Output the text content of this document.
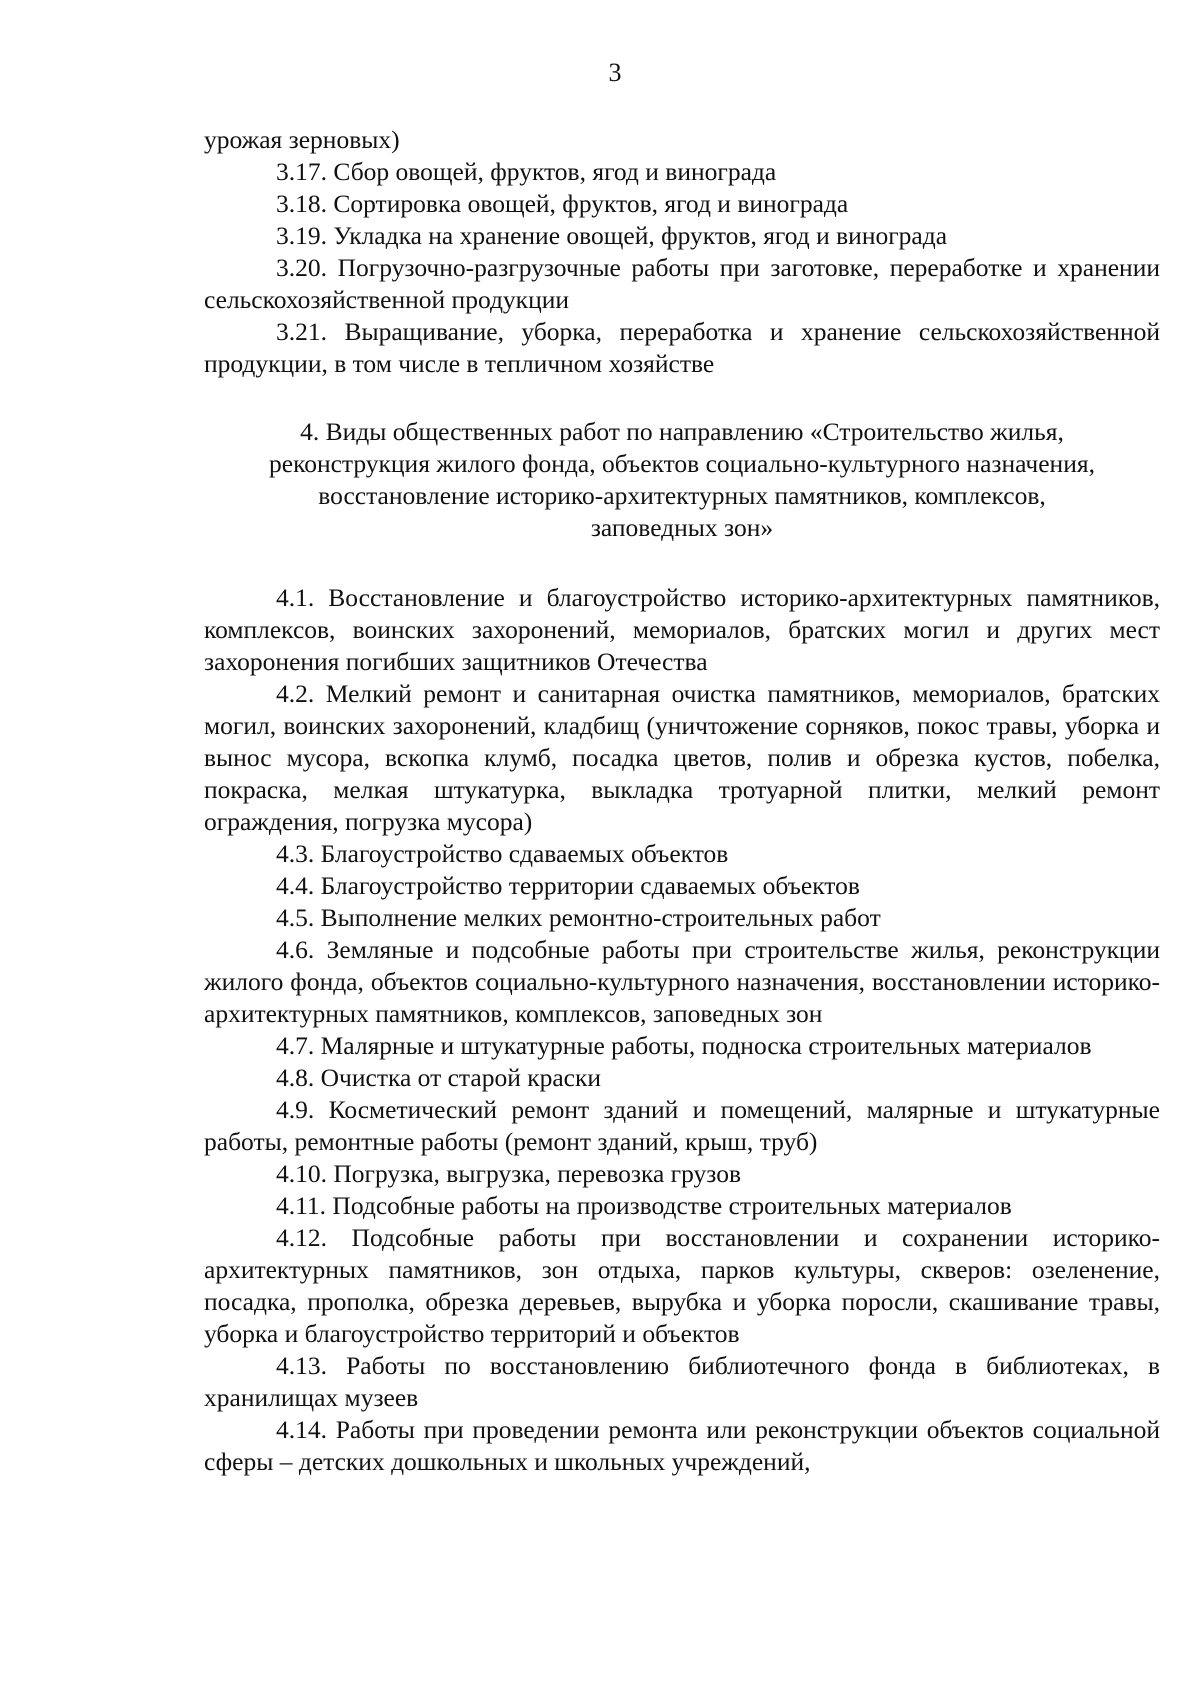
3

урожая зерновых)

3.17. Сбор овощей, фруктов, ягод и винограда

3.18. Сортировка овощей, фруктов, ягод и винограда

3.19. Укладка на хранение овощей, фруктов, ягод и винограда

3.20. Погрузочно-разгрузочные работы при заготовке, переработке и хранении сельскохозяйственной продукции

3.21. Выращивание, уборка, переработка и хранение сельскохозяйственной продукции, в том числе в тепличном хозяйстве

4. Виды общественных работ по направлению «Строительство жилья,
реконструкция жилого фонда, объектов социально-культурного назначения,
восстановление историко-архитектурных памятников, комплексов,
заповедных зон»

4.1. Восстановление и благоустройство историко-архитектурных памятников, комплексов, воинских захоронений, мемориалов, братских могил и других мест захоронения погибших защитников Отечества

4.2. Мелкий ремонт и санитарная очистка памятников, мемориалов, братских могил, воинских захоронений, кладбищ (уничтожение сорняков, покос травы, уборка и вынос мусора, вскопка клумб, посадка цветов, полив и обрезка кустов, побелка, покраска, мелкая штукатурка, выкладка тротуарной плитки, мелкий ремонт ограждения, погрузка мусора)

4.3. Благоустройство сдаваемых объектов

4.4. Благоустройство территории сдаваемых объектов

4.5. Выполнение мелких ремонтно-строительных работ

4.6. Земляные и подсобные работы при строительстве жилья, реконструкции жилого фонда, объектов социально-культурного назначения, восстановлении историко-архитектурных памятников, комплексов, заповедных зон

4.7. Малярные и штукатурные работы, подноска строительных материалов

4.8. Очистка от старой краски

4.9. Косметический ремонт зданий и помещений, малярные и штукатурные работы, ремонтные работы (ремонт зданий, крыш, труб)

4.10. Погрузка, выгрузка, перевозка грузов

4.11. Подсобные работы на производстве строительных материалов

4.12. Подсобные работы при восстановлении и сохранении историко-архитектурных памятников, зон отдыха, парков культуры, скверов: озеленение, посадка, прополка, обрезка деревьев, вырубка и уборка поросли, скашивание травы, уборка и благоустройство территорий и объектов

4.13. Работы по восстановлению библиотечного фонда в библиотеках, в хранилищах музеев

4.14. Работы при проведении ремонта или реконструкции объектов социальной сферы – детских дошкольных и школьных учреждений,
